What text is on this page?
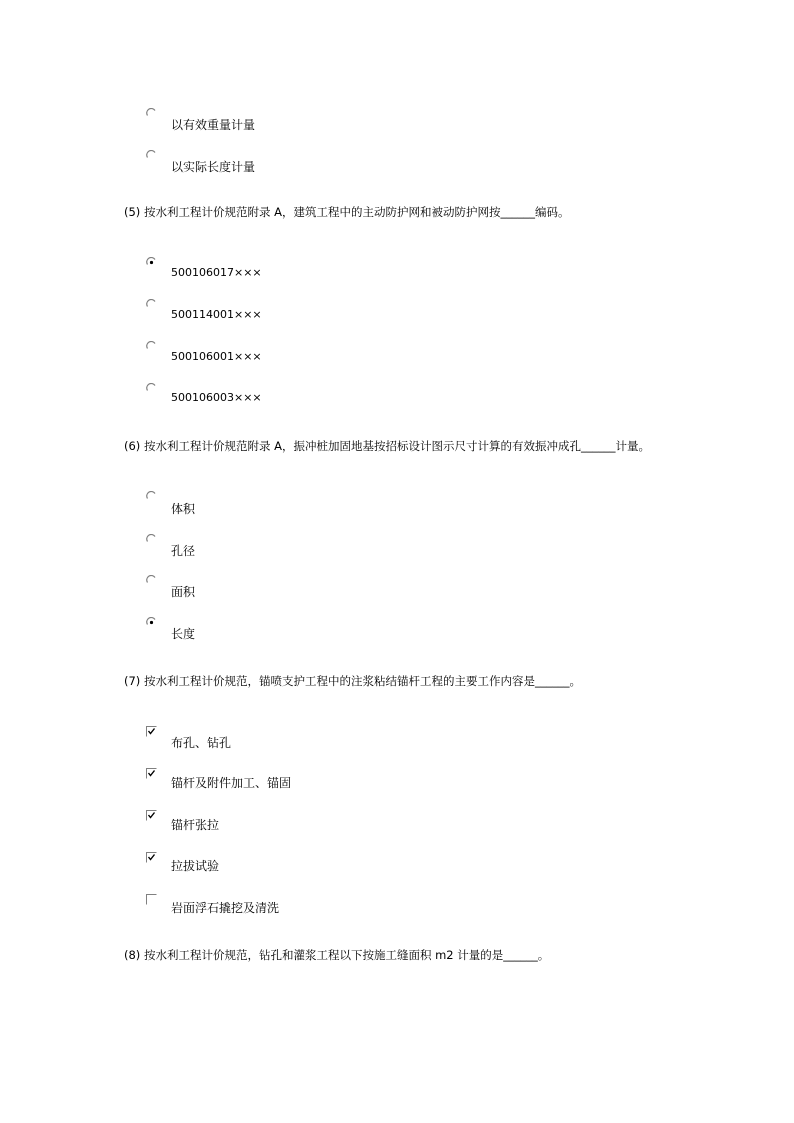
以有效重量计量
以实际长度计量
(5) 按水利工程计价规范附录 A，建筑工程中的主动防护网和被动防护网按______编码。
500106017×××
500114001×××
500106001×××
500106003×××
(6) 按水利工程计价规范附录 A，振冲桩加固地基按招标设计图示尺寸计算的有效振冲成孔______计量。
体积
孔径
面积
长度
(7) 按水利工程计价规范，锚喷支护工程中的注浆粘结锚杆工程的主要工作内容是______。
布孔、钻孔
锚杆及附件加工、锚固
锚杆张拉
拉拔试验
岩面浮石撬挖及清洗
(8) 按水利工程计价规范，钻孔和灌浆工程以下按施工缝面积 m2 计量的是______。
